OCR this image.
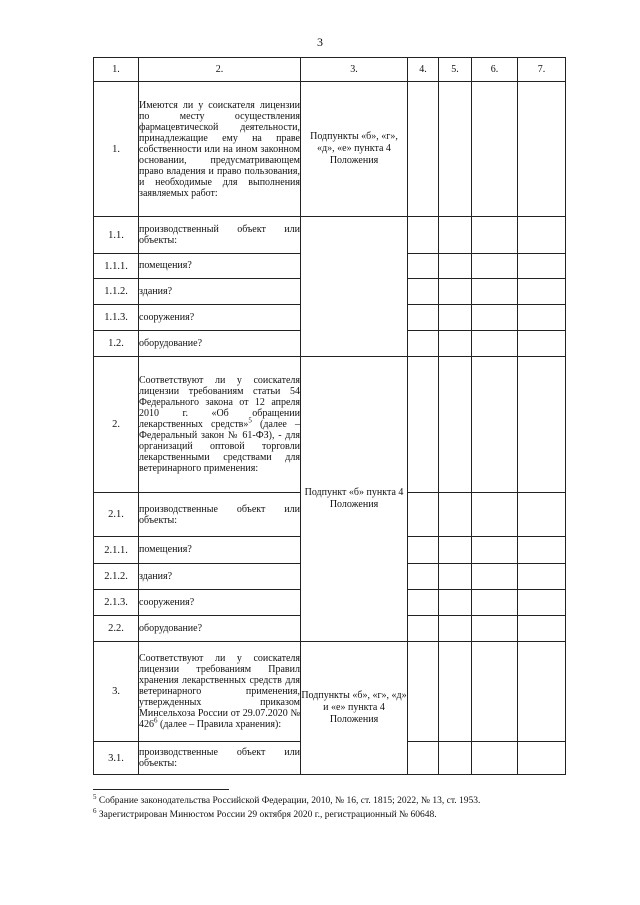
3
1.	2.	3.	4.	5.	6.	7.
1.	Имеются ли у соискателя лицензии по месту осуществления фармацевтической деятельности, принадлежащие ему на праве собственности или на ином законном основании, предусматривающем право владения и право пользования, и необходимые для выполнения заявляемых работ:	Подпункты «б», «г», «д», «е» пункта 4 Положения				
1.1.	производственный объект или объекты:					
1.1.1.	помещения?					
1.1.2.	здания?					
1.1.3.	сооружения?					
1.2.	оборудование?					
2.	Соответствуют ли у соискателя лицензии требованиям статьи 54 Федерального закона от 12 апреля 2010 г. «Об обращении лекарственных средств»$^5$ (далее – Федеральный закон № 61-ФЗ), - для организаций оптовой торговли лекарственными средствами для ветеринарного применения:	Подпункт «б» пункта 4 Положения				
2.1.	производственные объект или объекты:					
2.1.1.	помещения?					
2.1.2.	здания?					
2.1.3.	сооружения?					
2.2.	оборудование?					
3.	Соответствуют ли у соискателя лицензии требованиям Правил хранения лекарственных средств для ветеринарного применения, утвержденных приказом Минсельхоза России от 29.07.2020 № $426^6$ (далее – Правила хранения):	Подпункты «б», «г», «д» и «е» пункта 4 Положения				
3.1.	производственные объект или объекты:					
$^5$ Собрание законодательства Российской Федерации, 2010, № 16, ст. 1815; 2022, № 13, ст. 1953.
$^6$ Зарегистрирован Минюстом России 29 октября 2020 г., регистрационный № 60648.
